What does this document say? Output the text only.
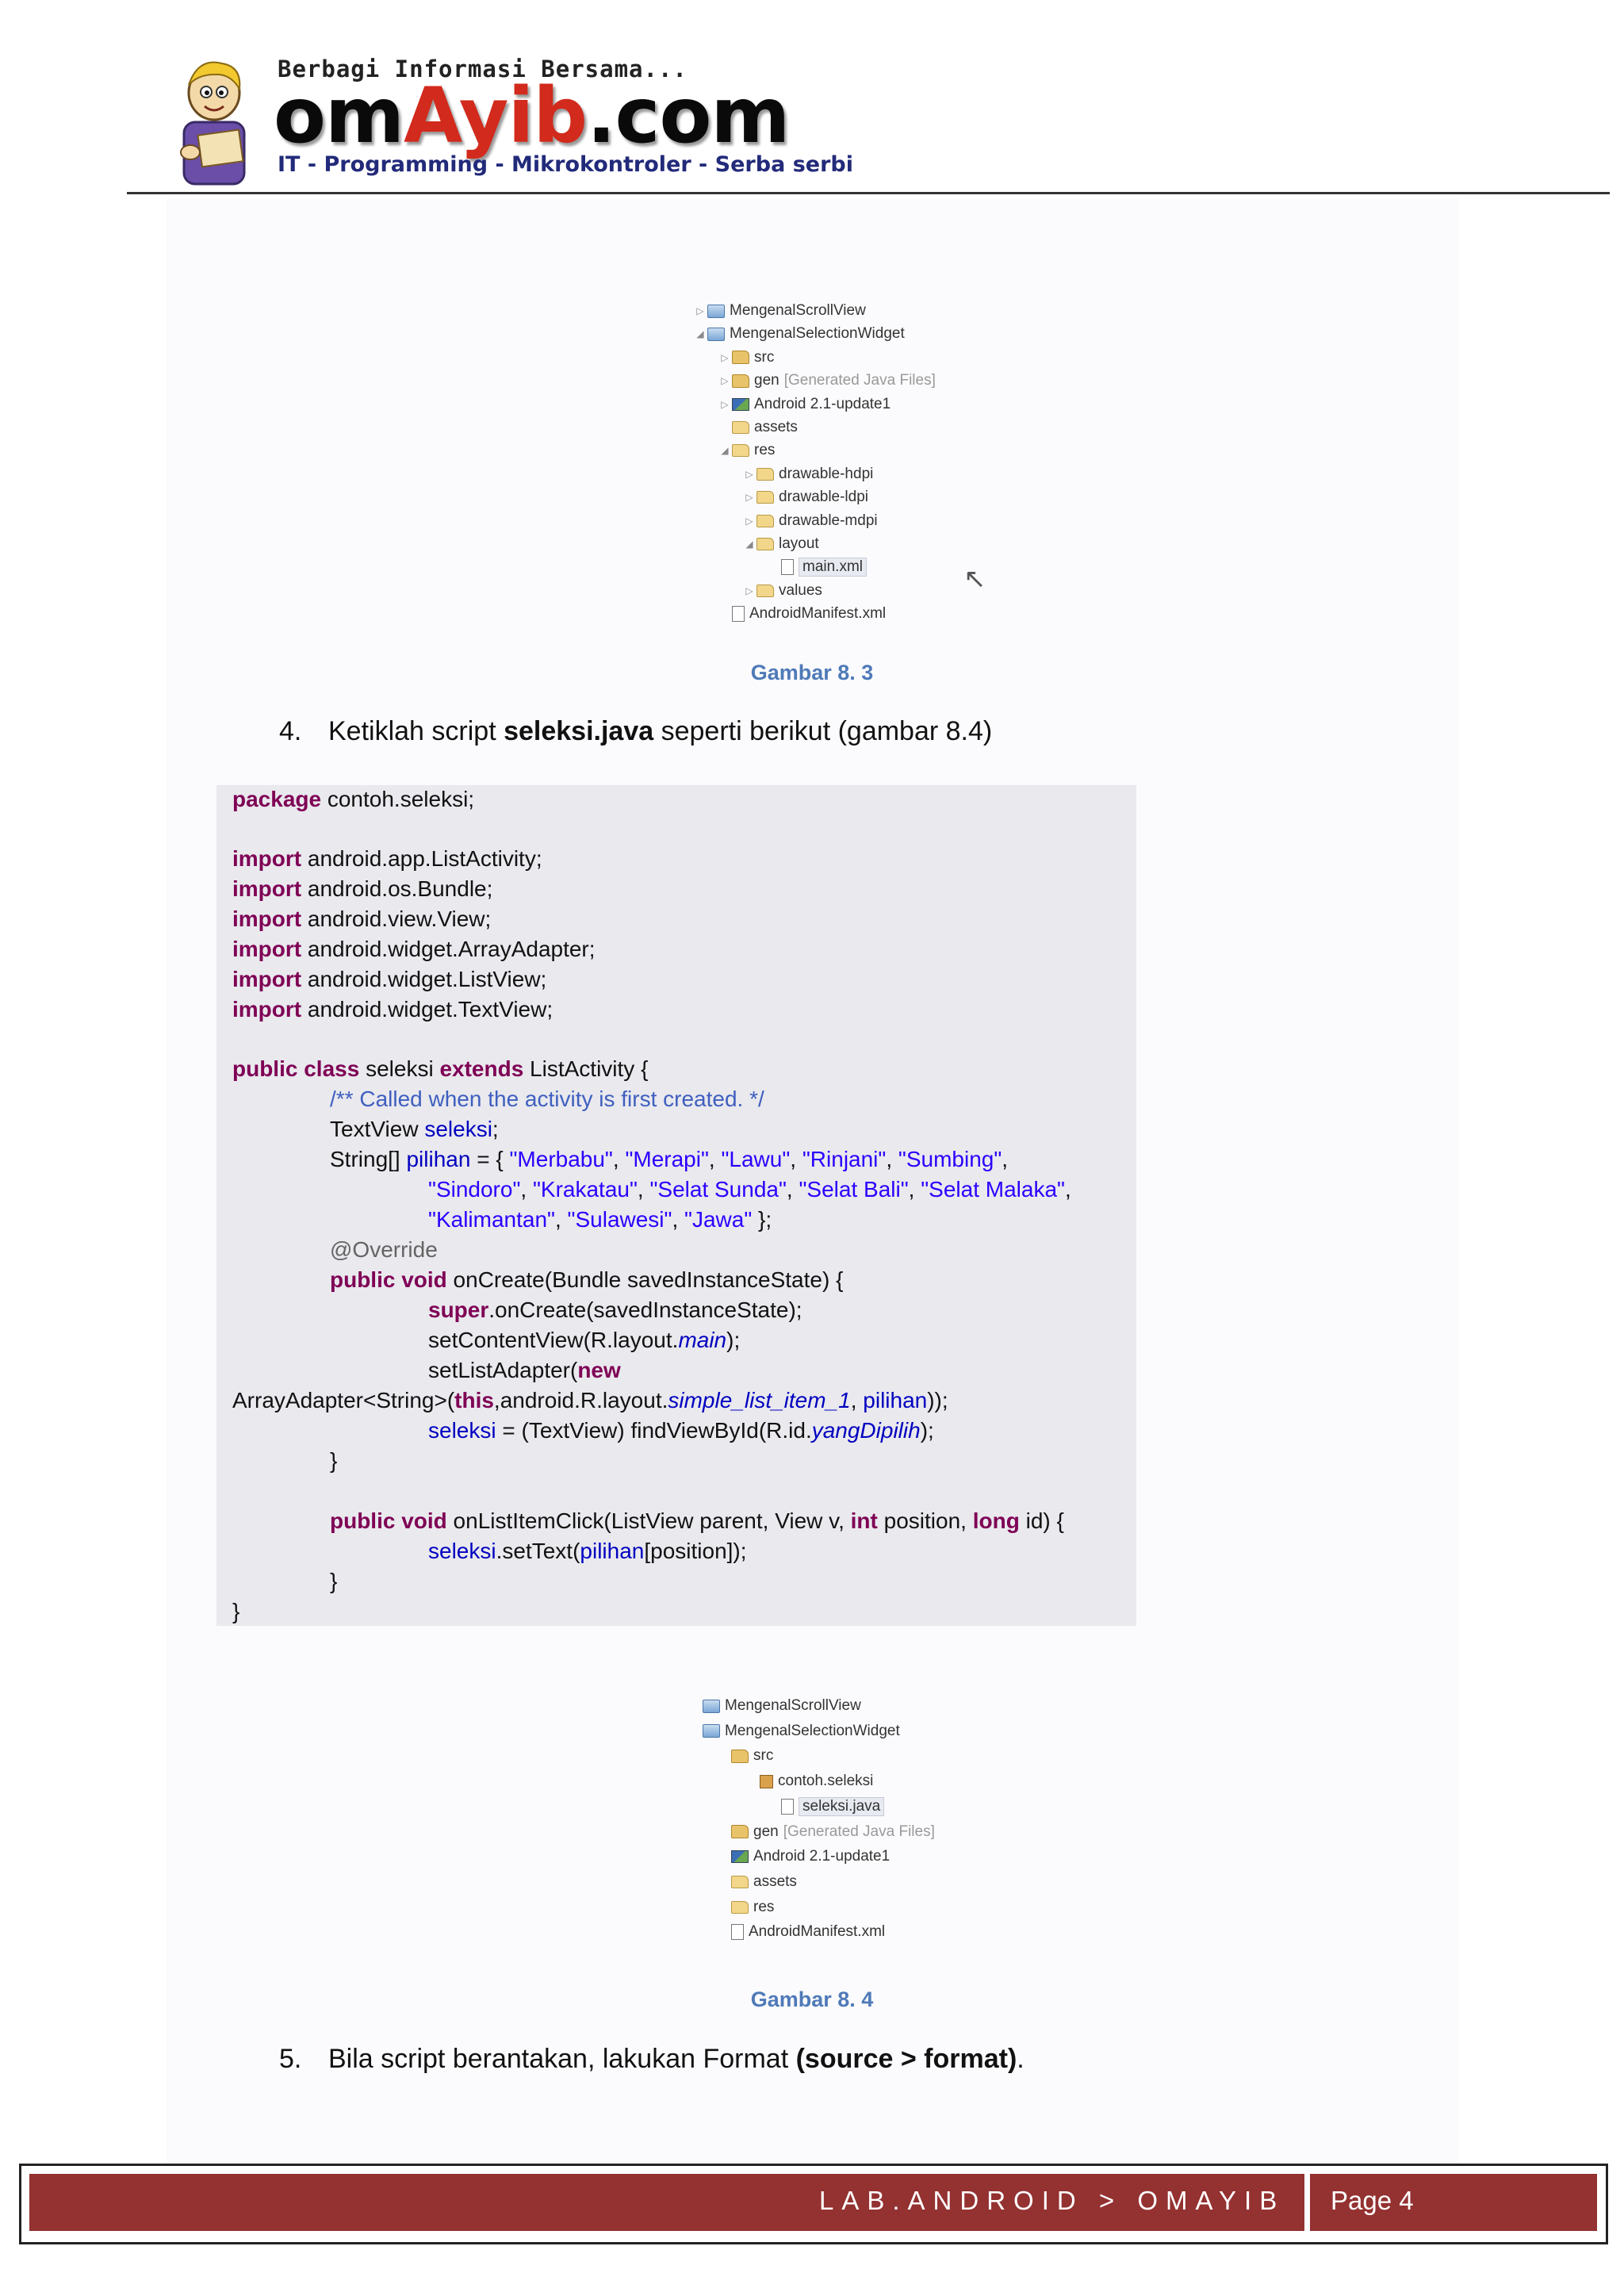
Berbagi Informasi Bersama...
omAyib.com
IT - Programming - Mikrokontroler - Serba serbi
▷ MengenalScrollView
◢ MengenalSelectionWidget
▷ src
▷ gen [Generated Java Files]
▷ Android 2.1-update1
assets
◢ res
▷ drawable-hdpi
▷ drawable-ldpi
▷ drawable-mdpi
◢ layout
main.xml
▷ values
AndroidManifest.xml
↖
Gambar 8. 3
4. Ketiklah script seleksi.java seperti berikut (gambar 8.4)
package contoh.seleksi;
import android.app.ListActivity;
import android.os.Bundle;
import android.view.View;
import android.widget.ArrayAdapter;
import android.widget.ListView;
import android.widget.TextView;
public class seleksi extends ListActivity {
/** Called when the activity is first created. */
TextView seleksi;
String[] pilihan = { "Merbabu", "Merapi", "Lawu", "Rinjani", "Sumbing",
"Sindoro", "Krakatau", "Selat Sunda", "Selat Bali", "Selat Malaka",
"Kalimantan", "Sulawesi", "Jawa" };
@Override
public void onCreate(Bundle savedInstanceState) {
super.onCreate(savedInstanceState);
setContentView(R.layout.main);
setListAdapter(new
ArrayAdapter<String>(this,android.R.layout.simple_list_item_1, pilihan));
seleksi = (TextView) findViewById(R.id.yangDipilih);
}
public void onListItemClick(ListView parent, View v, int position, long id) {
seleksi.setText(pilihan[position]);
}
}
MengenalScrollView
MengenalSelectionWidget
src
contoh.seleksi
seleksi.java
gen [Generated Java Files]
Android 2.1-update1
assets
res
AndroidManifest.xml
Gambar 8. 4
5. Bila script berantakan, lakukan Format (source > format).
LAB.ANDROID > OMAYIB Page 4
